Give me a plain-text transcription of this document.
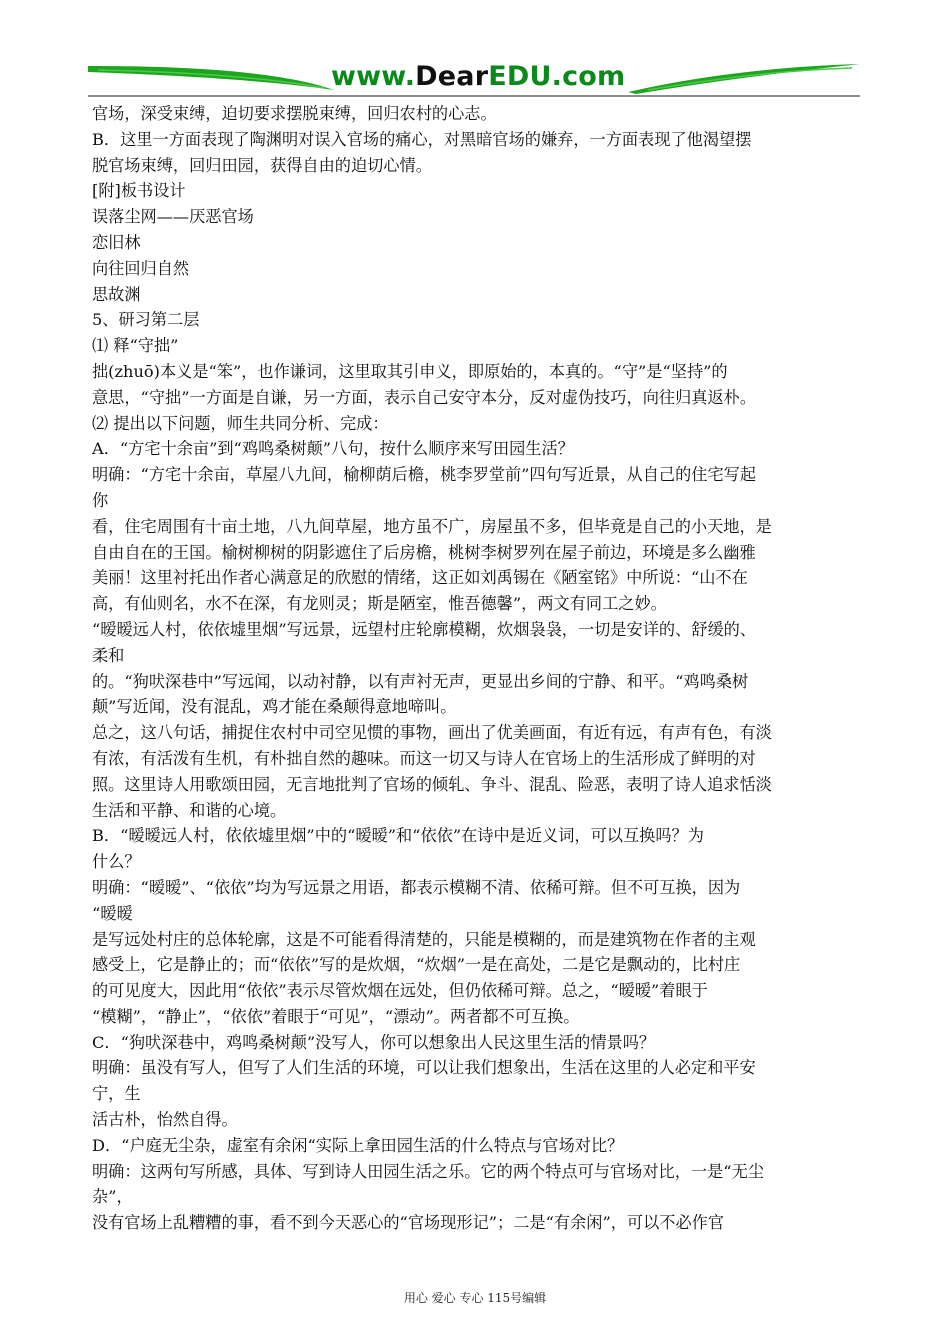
www.DearEDU.com

官场，深受束缚，迫切要求摆脱束缚，回归农村的心志。

B．这里一方面表现了陶渊明对误入官场的痛心，对黑暗官场的嫌弃，一方面表现了他渴望摆

脱官场束缚，回归田园，获得自由的迫切心情。

[附]板书设计

误落尘网——厌恶官场

恋旧林

向往回归自然

思故渊

5、研习第二层

⑴ 释“守拙”

拙(zhuō)本义是“笨”，也作谦词，这里取其引申义，即原始的，本真的。“守”是“坚持”的

意思，“守拙”一方面是自谦，另一方面，表示自己安守本分，反对虚伪技巧，向往归真返朴。

⑵ 提出以下问题，师生共同分析、完成：

A．“方宅十余亩”到“鸡鸣桑树颠”八句，按什么顺序来写田园生活？

明确：“方宅十余亩，草屋八九间，榆柳荫后檐，桃李罗堂前”四句写近景，从自己的住宅写起

你

看，住宅周围有十亩土地，八九间草屋，地方虽不广，房屋虽不多，但毕竟是自己的小天地，是

自由自在的王国。榆树柳树的阴影遮住了后房檐，桃树李树罗列在屋子前边，环境是多么幽雅

美丽！这里衬托出作者心满意足的欣慰的情绪，这正如刘禹锡在《陋室铭》中所说：“山不在

高，有仙则名，水不在深，有龙则灵；斯是陋室，惟吾德馨”，两文有同工之妙。

“暧暧远人村，依依墟里烟”写远景，远望村庄轮廓模糊，炊烟袅袅，一切是安详的、舒缓的、

柔和

的。“狗吠深巷中”写远闻，以动衬静，以有声衬无声，更显出乡间的宁静、和平。“鸡鸣桑树

颠”写近闻，没有混乱，鸡才能在桑颠得意地啼叫。

总之，这八句话，捕捉住农村中司空见惯的事物，画出了优美画面，有近有远，有声有色，有淡

有浓，有活泼有生机，有朴拙自然的趣味。而这一切又与诗人在官场上的生活形成了鲜明的对

照。这里诗人用歌颂田园，无言地批判了官场的倾轧、争斗、混乱、险恶，表明了诗人追求恬淡

生活和平静、和谐的心境。

B．“暧暧远人村，依依墟里烟”中的“暧暧”和“依依”在诗中是近义词，可以互换吗？为

什么？

明确：“暧暧”、“依依”均为写远景之用语，都表示模糊不清、依稀可辩。但不可互换，因为

“暧暧

是写远处村庄的总体轮廓，这是不可能看得清楚的，只能是模糊的，而是建筑物在作者的主观

感受上，它是静止的；而“依依”写的是炊烟，“炊烟”一是在高处，二是它是飘动的，比村庄

的可见度大，因此用“依依”表示尽管炊烟在远处，但仍依稀可辩。总之，“暧暧”着眼于

“模糊”，“静止”，“依依”着眼于“可见”，“漂动”。两者都不可互换。

C．“狗吠深巷中，鸡鸣桑树颠”没写人，你可以想象出人民这里生活的情景吗？

明确：虽没有写人，但写了人们生活的环境，可以让我们想象出，生活在这里的人必定和平安

宁，生

活古朴，怡然自得。

D．“户庭无尘杂，虚室有余闲“实际上拿田园生活的什么特点与官场对比？

明确：这两句写所感，具体、写到诗人田园生活之乐。它的两个特点可与官场对比，一是“无尘

杂”，

没有官场上乱糟糟的事，看不到今天恶心的“官场现形记”；二是“有余闲”，可以不必作官

用心 爱心 专心 115号编辑
